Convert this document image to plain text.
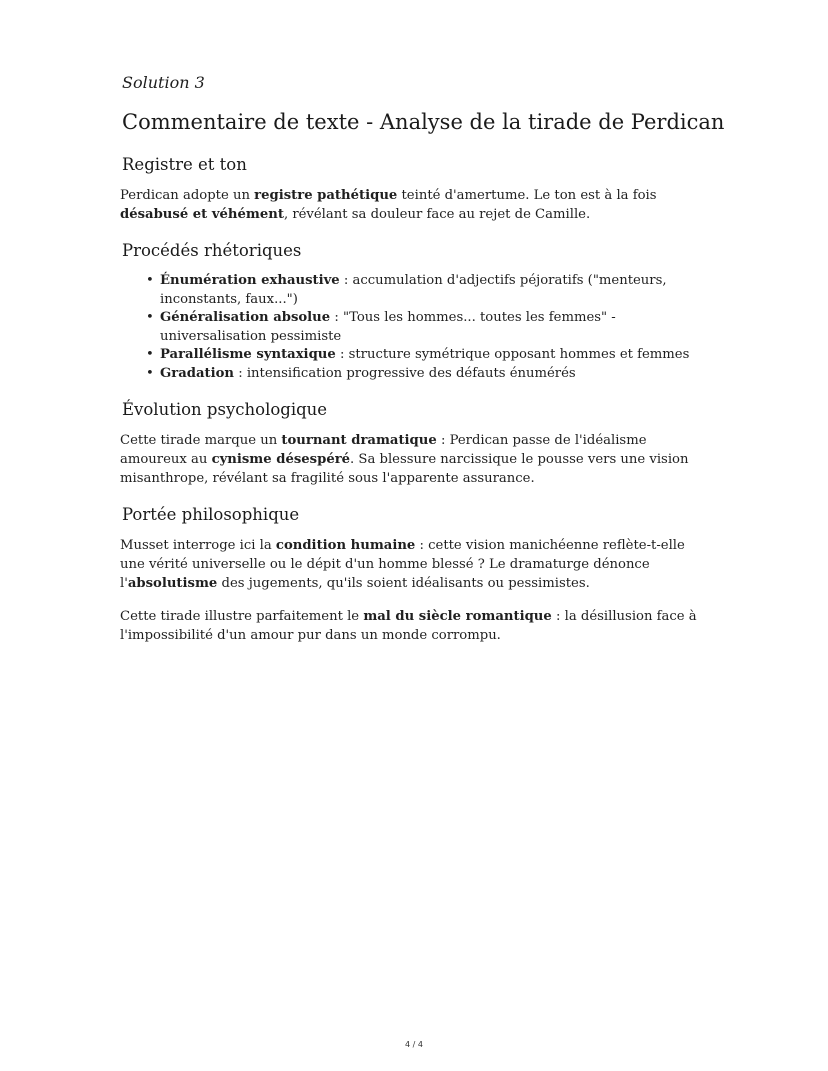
Solution 3
Commentaire de texte - Analyse de la tirade de Perdican
Registre et ton

Perdican adopte un registre pathétique teinté d'amertume. Le ton est à la fois désabusé et véhément, révélant sa douleur face au rejet de Camille.

Procédés rhétoriques
• Énumération exhaustive : accumulation d'adjectifs péjoratifs ("menteurs, inconstants, faux...")
• Généralisation absolue : "Tous les hommes... toutes les femmes" - universalisation pessimiste
• Parallélisme syntaxique : structure symétrique opposant hommes et femmes
• Gradation : intensification progressive des défauts énumérés
Évolution psychologique

Cette tirade marque un tournant dramatique : Perdican passe de l'idéalisme amoureux au cynisme désespéré. Sa blessure narcissique le pousse vers une vision misanthrope, révélant sa fragilité sous l'apparente assurance.

Portée philosophique

Musset interroge ici la condition humaine : cette vision manichéenne reflète-t-elle une vérité universelle ou le dépit d'un homme blessé ? Le dramaturge dénonce l'absolutisme des jugements, qu'ils soient idéalisants ou pessimistes.

Cette tirade illustre parfaitement le mal du siècle romantique : la désillusion face à l'impossibilité d'un amour pur dans un monde corrompu.

4 / 4
